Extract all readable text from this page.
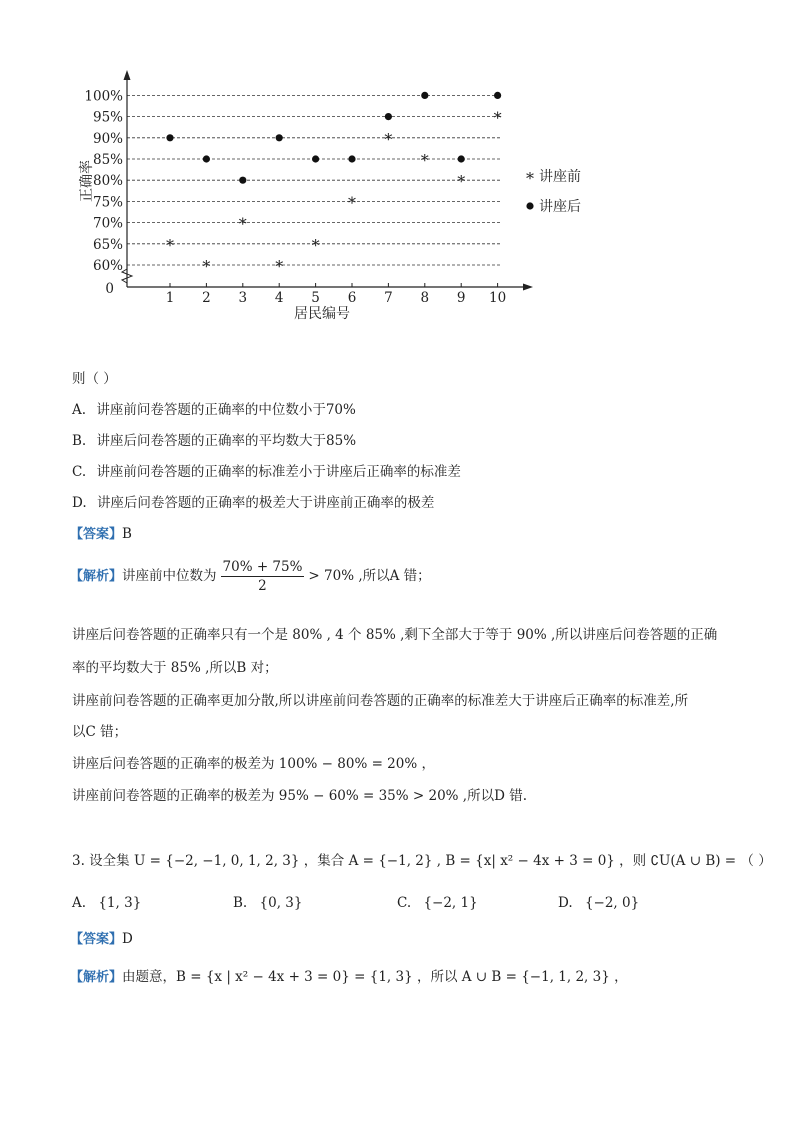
60%
65%
70%
75%
80%
85%
90%
95%
100%
0
1 2 3 4 5 6 7 8 9 10
居民编号
正确率
*
*
*
*
*
*
*
*
*
*
* 讲座前
讲座后
则（ ）
A. 讲座前问卷答题的正确率的中位数小于70%
B. 讲座后问卷答题的正确率的平均数大于85%
C. 讲座前问卷答题的正确率的标准差小于讲座后正确率的标准差
D. 讲座后问卷答题的正确率的极差大于讲座前正确率的极差
【答案】B
【解析】讲座前中位数为 $\frac{70\% + 75\%}{2} > 70\%$ ,所以A 错；
讲座后问卷答题的正确率只有一个是 80% , 4 个 85% ,剩下全部大于等于 90% ,所以讲座后问卷答题的正确
率的平均数大于 85% ,所以B 对；
讲座前问卷答题的正确率更加分散,所以讲座前问卷答题的正确率的标准差大于讲座后正确率的标准差,所
以C 错；
讲座后问卷答题的正确率的极差为 100% − 80% = 20% ，
讲座前问卷答题的正确率的极差为 95% − 60% = 35% > 20% ,所以D 错.
3. 设全集 U = {−2, −1, 0, 1, 2, 3} ，集合 A = {−1, 2} , B = {x| x² − 4x + 3 = 0} ，则 ∁U(A ∪ B) = （ ）
A. {1, 3}	B. {0, 3}	C. {−2, 1}	D. {−2, 0}
【答案】D
【解析】由题意，B = {x | x² − 4x + 3 = 0} = {1, 3} ，所以 A ∪ B = {−1, 1, 2, 3} ，
